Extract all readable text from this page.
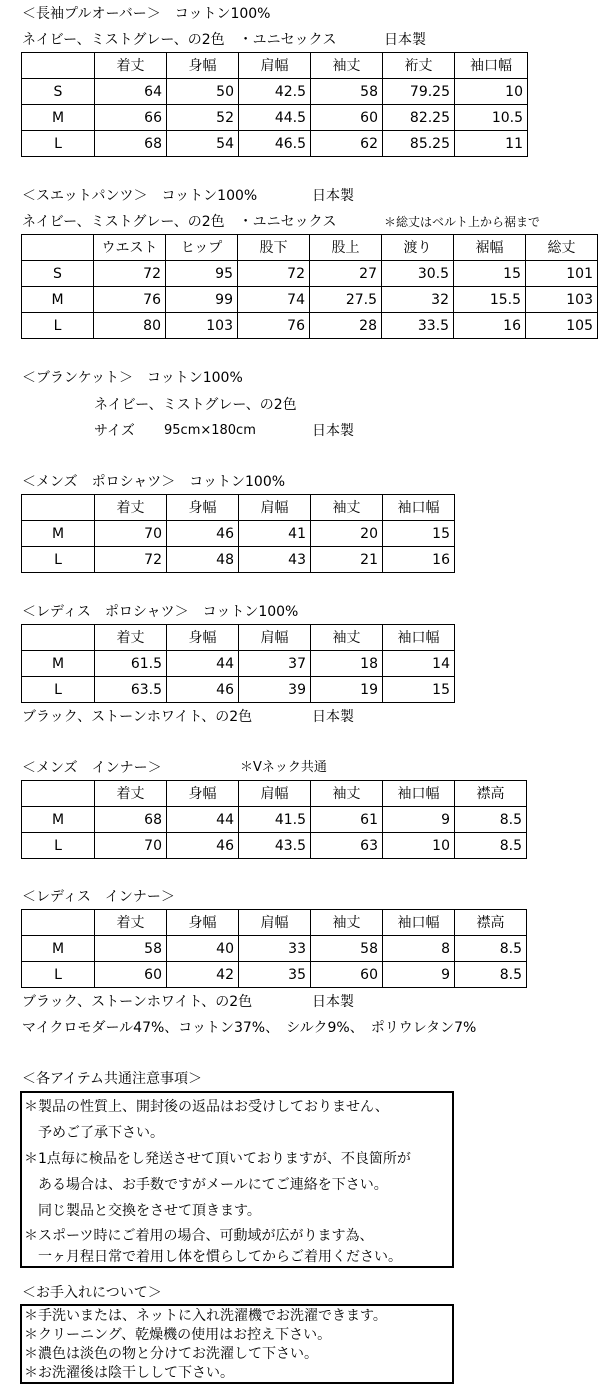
＜長袖プルオーバー＞　コットン100%
ネイビー、ミストグレー、の2色　・ユニセックス	日本製
	着丈	身幅	肩幅	袖丈	裄丈	袖口幅
S	64	50	42.5	58	79.25	10
M	66	52	44.5	60	82.25	10.5
L	68	54	46.5	62	85.25	11
＜スエットパンツ＞　コットン100%	日本製
ネイビー、ミストグレー、の2色　・ユニセックス	＊総丈はベルト上から裾まで
	ウエスト	ヒップ	股下	股上	渡り	裾幅	総丈
S	72	95	72	27	30.5	15	101
M	76	99	74	27.5	32	15.5	103
L	80	103	76	28	33.5	16	105
＜ブランケット＞　コットン100%
ネイビー、ミストグレー、の2色
サイズ 95cm×180cm	日本製
＜メンズ　ポロシャツ＞　コットン100%
	着丈	身幅	肩幅	袖丈	袖口幅
M	70	46	41	20	15
L	72	48	43	21	16
＜レディス　ポロシャツ＞　コットン100%
	着丈	身幅	肩幅	袖丈	袖口幅
M	61.5	44	37	18	14
L	63.5	46	39	19	15
ブラック、ストーンホワイト、の2色	日本製
＜メンズ　インナー＞	＊Vネック共通
	着丈	身幅	肩幅	袖丈	袖口幅	襟高
M	68	44	41.5	61	9	8.5
L	70	46	43.5	63	10	8.5
＜レディス　インナー＞
	着丈	身幅	肩幅	袖丈	袖口幅	襟高
M	58	40	33	58	8	8.5
L	60	42	35	60	9	8.5
ブラック、ストーンホワイト、の2色	日本製
マイクロモダール47%、コットン37%、　シルク9%、　ポリウレタン7%
＜各アイテム共通注意事項＞
＊製品の性質上、開封後の返品はお受けしておりません、
　予めご了承下さい。
＊1点毎に検品をし発送させて頂いておりますが、不良箇所が
　ある場合は、お手数ですがメールにてご連絡を下さい。
　同じ製品と交換をさせて頂きます。
＊スポーツ時にご着用の場合、可動域が広がります為、
　一ヶ月程日常で着用し体を慣らしてからご着用ください。
＜お手入れについて＞
＊手洗いまたは、ネットに入れ洗濯機でお洗濯できます。
＊クリーニング、乾燥機の使用はお控え下さい。
＊濃色は淡色の物と分けてお洗濯して下さい。
＊お洗濯後は陰干しして下さい。
